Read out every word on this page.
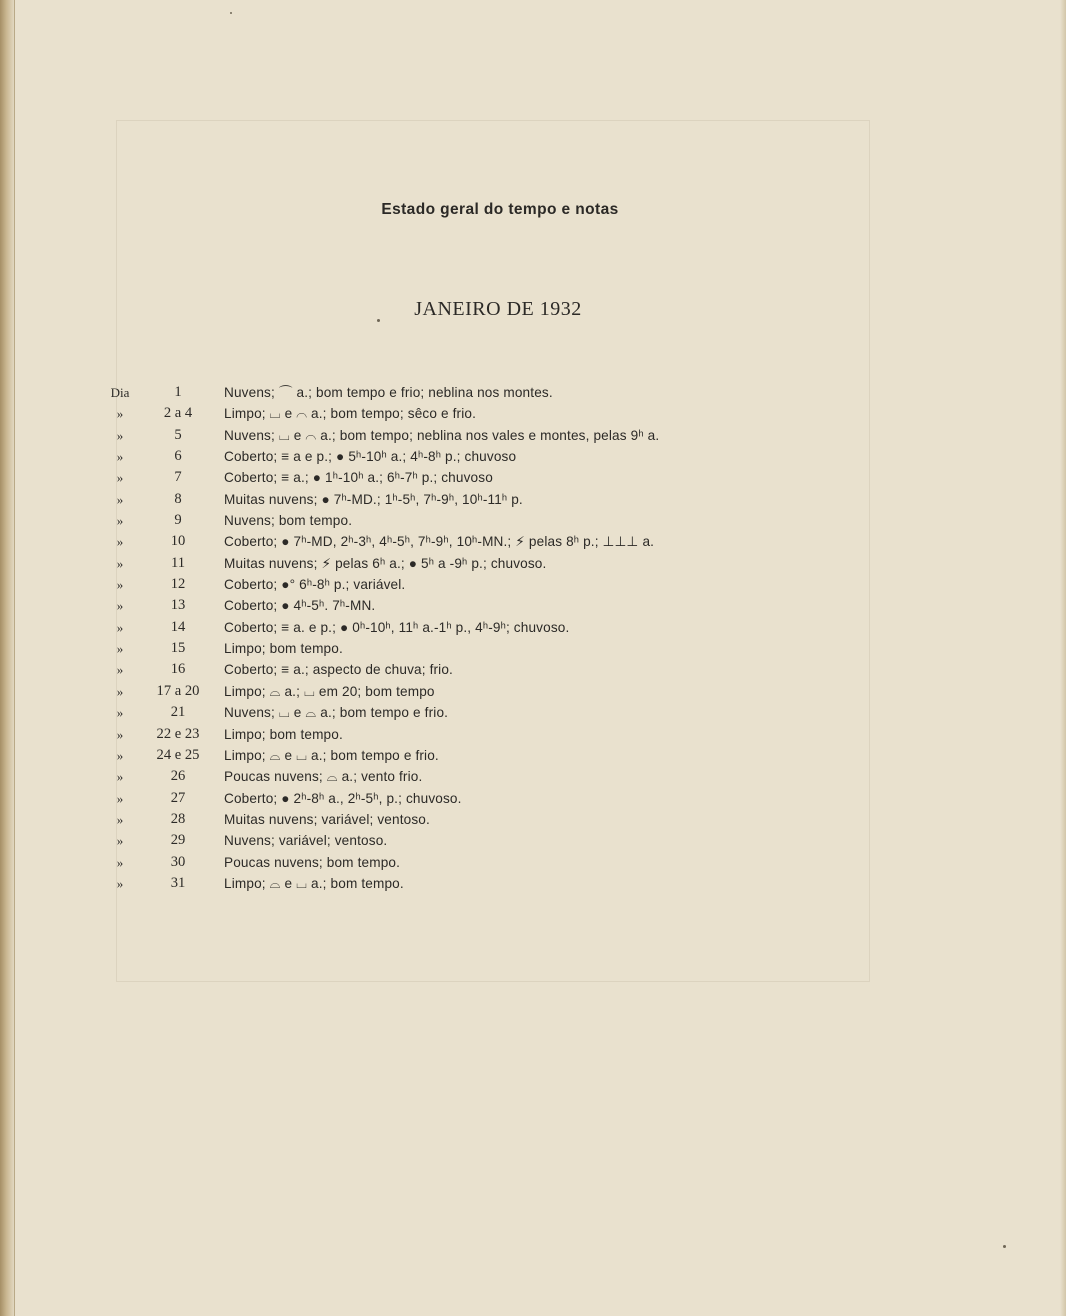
Estado geral do tempo e notas
JANEIRO DE 1932
Dia	1	Nuvens; ⌒ a.; bom tempo e frio; neblina nos montes.
»	2 a 4	Limpo; ⌴ e ⌒ a.; bom tempo; sêco e frio.
»	5	Nuvens; ⌴ e ⌒ a.; bom tempo; neblina nos vales e montes, pelas 9ʰ a.
»	6	Coberto; ≡ a e p.; ● 5ʰ-10ʰ a.; 4ʰ-8ʰ p.; chuvoso
»	7	Coberto; ≡ a.; ● 1ʰ-10ʰ a.; 6ʰ-7ʰ p.; chuvoso
»	8	Muitas nuvens; ● 7ʰ-MD.; 1ʰ-5ʰ, 7ʰ-9ʰ, 10ʰ-11ʰ p.
»	9	Nuvens; bom tempo.
»	10	Coberto; ● 7ʰ-MD, 2ʰ-3ʰ, 4ʰ-5ʰ, 7ʰ-9ʰ, 10ʰ-MN.; ⚡ pelas 8ʰ p.; ⊥⊥⊥ a.
»	11	Muitas nuvens; ⚡ pelas 6ʰ a.; ● 5ʰ a -9ʰ p.; chuvoso.
»	12	Coberto; ●° 6ʰ-8ʰ p.; variável.
»	13	Coberto; ● 4ʰ-5ʰ. 7ʰ-MN.
»	14	Coberto; ≡ a. e p.; ● 0ʰ-10ʰ, 11ʰ a.-1ʰ p., 4ʰ-9ʰ; chuvoso.
»	15	Limpo; bom tempo.
»	16	Coberto; ≡ a.; aspecto de chuva; frio.
»	17 a 20	Limpo; ⌓ a.; ⌴ em 20; bom tempo
»	21	Nuvens; ⌴ e ⌓ a.; bom tempo e frio.
»	22 e 23	Limpo; bom tempo.
»	24 e 25	Limpo; ⌓ e ⌴ a.; bom tempo e frio.
»	26	Poucas nuvens; ⌓ a.; vento frio.
»	27	Coberto; ● 2ʰ-8ʰ a., 2ʰ-5ʰ, p.; chuvoso.
»	28	Muitas nuvens; variável; ventoso.
»	29	Nuvens; variável; ventoso.
»	30	Poucas nuvens; bom tempo.
»	31	Limpo; ⌓ e ⌴ a.; bom tempo.
